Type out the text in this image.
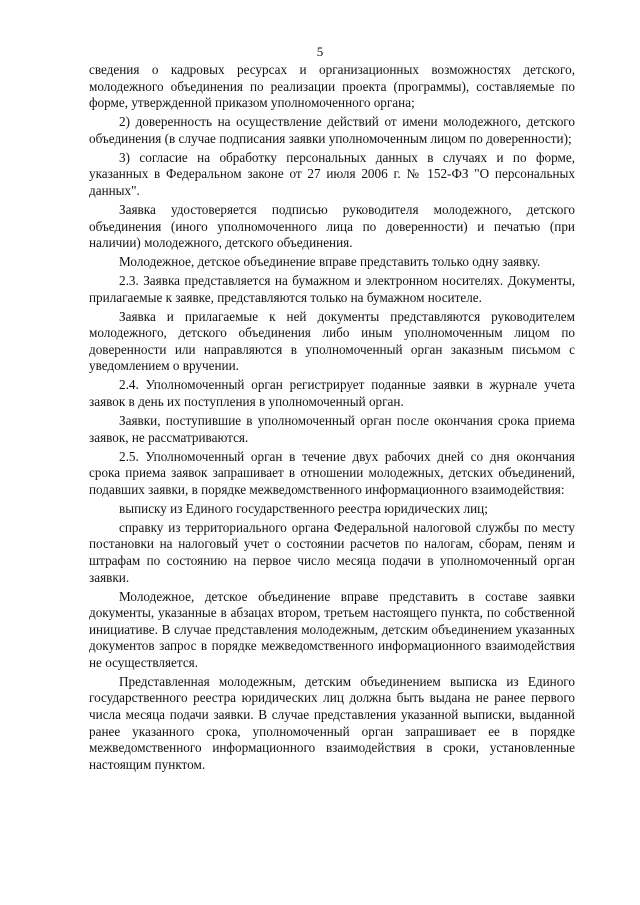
5

сведения о кадровых ресурсах и организационных возможностях детского, молодежного объединения по реализации проекта (программы), составляемые по форме, утвержденной приказом уполномоченного органа;

2) доверенность на осуществление действий от имени молодежного, детского объединения (в случае подписания заявки уполномоченным лицом по доверенности);

3) согласие на обработку персональных данных в случаях и по форме, указанных в Федеральном законе от 27 июля 2006 г. № 152-ФЗ "О персональных данных".

Заявка удостоверяется подписью руководителя молодежного, детского объединения (иного уполномоченного лица по доверенности) и печатью (при наличии) молодежного, детского объединения.

Молодежное, детское объединение вправе представить только одну заявку.

2.3. Заявка представляется на бумажном и электронном носителях. Документы, прилагаемые к заявке, представляются только на бумажном носителе.

Заявка и прилагаемые к ней документы представляются руководителем молодежного, детского объединения либо иным уполномоченным лицом по доверенности или направляются в уполномоченный орган заказным письмом с уведомлением о вручении.

2.4. Уполномоченный орган регистрирует поданные заявки в журнале учета заявок в день их поступления в уполномоченный орган.

Заявки, поступившие в уполномоченный орган после окончания срока приема заявок, не рассматриваются.

2.5. Уполномоченный орган в течение двух рабочих дней со дня окончания срока приема заявок запрашивает в отношении молодежных, детских объединений, подавших заявки, в порядке межведомственного информационного взаимодействия:

выписку из Единого государственного реестра юридических лиц;

справку из территориального органа Федеральной налоговой службы по месту постановки на налоговый учет о состоянии расчетов по налогам, сборам, пеням и штрафам по состоянию на первое число месяца подачи в уполномоченный орган заявки.

Молодежное, детское объединение вправе представить в составе заявки документы, указанные в абзацах втором, третьем настоящего пункта, по собственной инициативе. В случае представления молодежным, детским объединением указанных документов запрос в порядке межведомственного информационного взаимодействия не осуществляется.

Представленная молодежным, детским объединением выписка из Единого государственного реестра юридических лиц должна быть выдана не ранее первого числа месяца подачи заявки. В случае представления указанной выписки, выданной ранее указанного срока, уполномоченный орган запрашивает ее в порядке межведомственного информационного взаимодействия в сроки, установленные настоящим пунктом.
